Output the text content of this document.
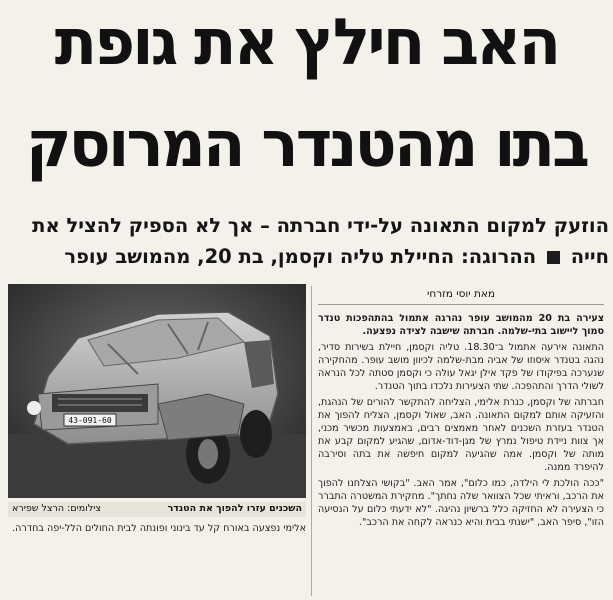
האב חילץ את גופת
בתו מהטנדר המרוסק
הוזעק למקום התאונה על-ידי חברתה – אך לא הספיק להציל את
חייה  ההרוגה: החיילת טליה וקסמן, בת 20, מהמושב עופר
43-091-60
השכנים עזרו להפוך את הטנדר
צילומים: הרצל שפירא
מאת יוסי מזרחי

צעירה בת 20 מהמושב עופר נהרגה אתמול בהתהפכות טנדר סמוך ליישוב בתי-שלמה. חברתה שישבה לצידה נפצעה.

התאונה אירעה אתמול ב־18.30. טליה וקסמן, חיילת בשירות סדיר, נהגה בטנדר איסוזו של אביה מבת-שלמה לכיוון מושב עופר. מהחקירה שנערכה בפיקודו של פקד אילן יגאל עולה כי וקסמן סטתה לכל הנראה לשולי הדרך והתהפכה. שתי הצעירות נלכדו בתוך הטנדר.

חברתה של וקסמן, כנרת אלימי, הצליחה להתקשר להורים של הנהגת, והזעיקה אותם למקום התאונה. האב, שאול וקסמן, הצליח להפוך את הטנדר בעזרת השכנים לאחר מאמצים רבים, באמצעות מכשיר מכני, אך צוות ניידת טיפול נמרץ של מגן-דוד-אדום, שהגיע למקום קבע את מותה של וקסמן. אמה שהגיעה למקום חיפשה את בתה וסירבה להיפרד ממנה.

"ככה הולכת לי הילדה, כמו כלום", אמר האב. "בקושי הצלחנו להפוך את הרכב, וראיתי שכל הצוואר שלה נחתך". מחקירת המשטרה התברר כי הצעירה לא החזיקה כלל ברשיון נהיגה. "לא ידעתי כלום על הנסיעה הזו", סיפר האב, "ישנתי בבית והיא כנראה לקחה את הרכב".

אלימי נפצעה באורח קל עד בינוני ופונתה לבית החולים הלל-יפה בחדרה.
